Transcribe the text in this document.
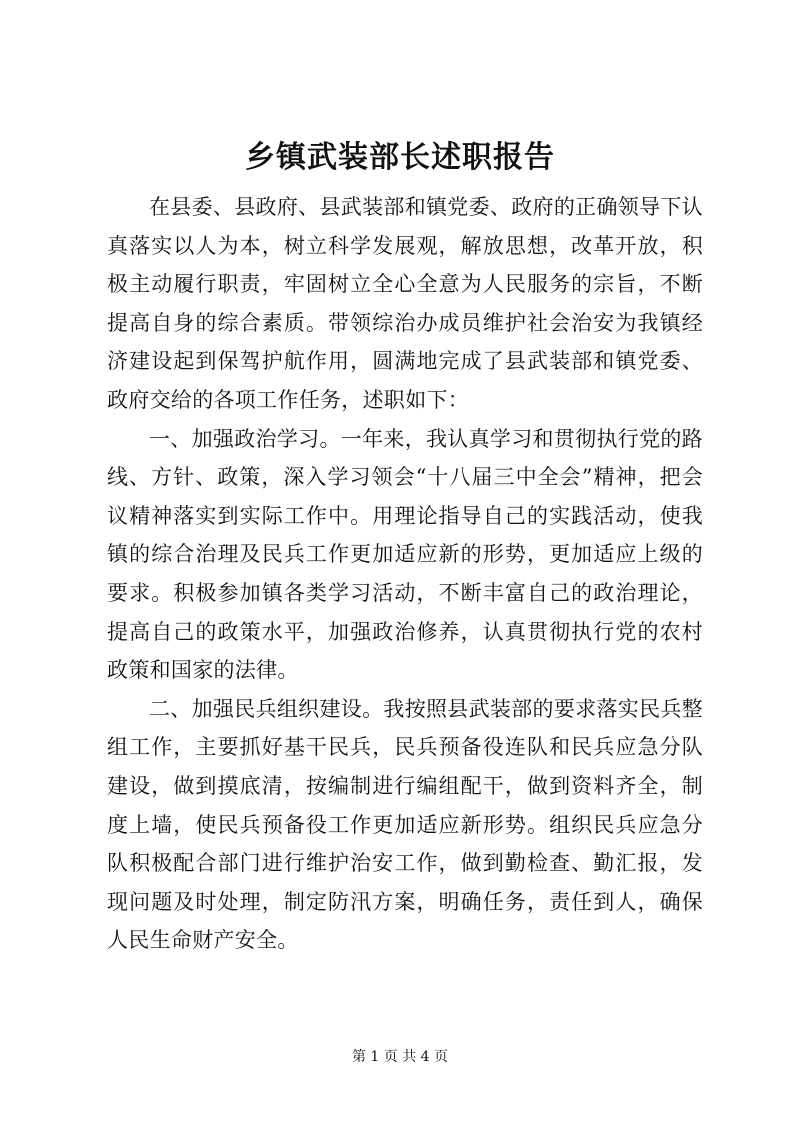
乡镇武装部长述职报告

在县委、县政府、县武装部和镇党委、政府的正确领导下认真落实以人为本，树立科学发展观，解放思想，改革开放，积极主动履行职责，牢固树立全心全意为人民服务的宗旨，不断提高自身的综合素质。带领综治办成员维护社会治安为我镇经济建设起到保驾护航作用，圆满地完成了县武装部和镇党委、政府交给的各项工作任务，述职如下：

一、加强政治学习。一年来，我认真学习和贯彻执行党的路线、方针、政策，深入学习领会“十八届三中全会”精神，把会议精神落实到实际工作中。用理论指导自己的实践活动，使我镇的综合治理及民兵工作更加适应新的形势，更加适应上级的要求。积极参加镇各类学习活动，不断丰富自己的政治理论，提高自己的政策水平，加强政治修养，认真贯彻执行党的农村政策和国家的法律。

二、加强民兵组织建设。我按照县武装部的要求落实民兵整组工作，主要抓好基干民兵，民兵预备役连队和民兵应急分队建设，做到摸底清，按编制进行编组配干，做到资料齐全，制度上墙，使民兵预备役工作更加适应新形势。组织民兵应急分队积极配合部门进行维护治安工作，做到勤检查、勤汇报，发现问题及时处理，制定防汛方案，明确任务，责任到人，确保人民生命财产安全。

第 1 页 共 4 页
